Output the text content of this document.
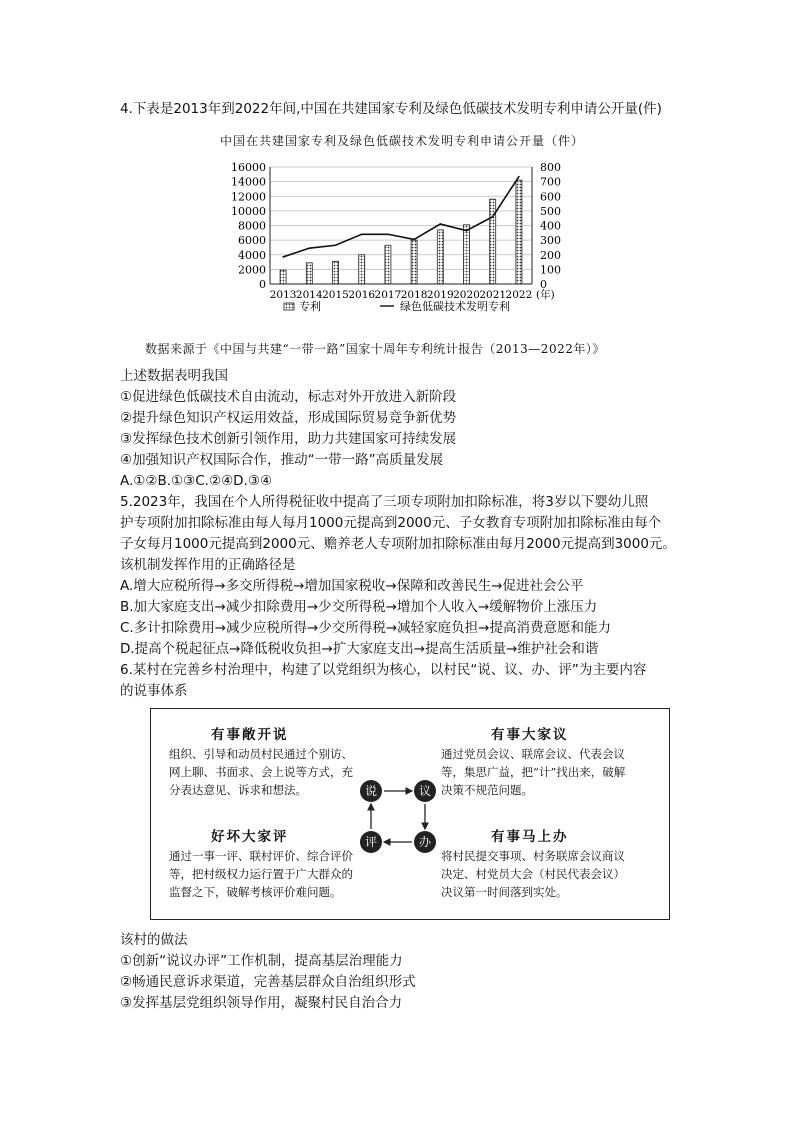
4.下表是2013年到2022年间,中国在共建国家专利及绿色低碳技术发明专利申请公开量(件)
中国在共建国家专利及绿色低碳技术发明专利申请公开量（件）
16000
14000
12000
10000
8000
6000
4000
2000
0
800
700
600
500
400
300
200
100
0
2013 2014 2015 2016 2017 2018 2019 2020 2021 2022 (年)
专利	绿色低碳技术发明专利
数据来源于《中国与共建“一带一路”国家十周年专利统计报告（2013—2022年）》
上述数据表明我国
①促进绿色低碳技术自由流动，标志对外开放进入新阶段
②提升绿色知识产权运用效益，形成国际贸易竞争新优势
③发挥绿色技术创新引领作用，助力共建国家可持续发展
④加强知识产权国际合作，推动“一带一路”高质量发展
A.①②B.①③C.②④D.③④
5.2023年，我国在个人所得税征收中提高了三项专项附加扣除标准，将3岁以下婴幼儿照
护专项附加扣除标准由每人每月1000元提高到2000元、子女教育专项附加扣除标准由每个
子女每月1000元提高到2000元、赡养老人专项附加扣除标准由每月2000元提高到3000元。
该机制发挥作用的正确路径是
A.增大应税所得→多交所得税→增加国家税收→保障和改善民生→促进社会公平
B.加大家庭支出→减少扣除费用→少交所得税→增加个人收入→缓解物价上涨压力
C.多计扣除费用→减少应税所得→少交所得税→减轻家庭负担→提高消费意愿和能力
D.提高个税起征点→降低税收负担→扩大家庭支出→提高生活质量→维护社会和谐
6.某村在完善乡村治理中，构建了以党组织为核心，以村民“说、议、办、评”为主要内容
的说事体系
有事敞开说
组织、引导和动员村民通过个别访、网上聊、书面求、会上说等方式，充分表达意见、诉求和想法。
有事大家议
通过党员会议、联席会议、代表会议等，集思广益，把“计”找出来，破解决策不规范问题。
好坏大家评
通过一事一评、联村评价、综合评价等，把村级权力运行置于广大群众的监督之下，破解考核评价难问题。
有事马上办
将村民提交事项、村务联席会议商议决定、村党员大会（村民代表会议）决议第一时间落到实处。
说	议
办
评
该村的做法
①创新“说议办评”工作机制，提高基层治理能力
②畅通民意诉求渠道，完善基层群众自治组织形式
③发挥基层党组织领导作用，凝聚村民自治合力
